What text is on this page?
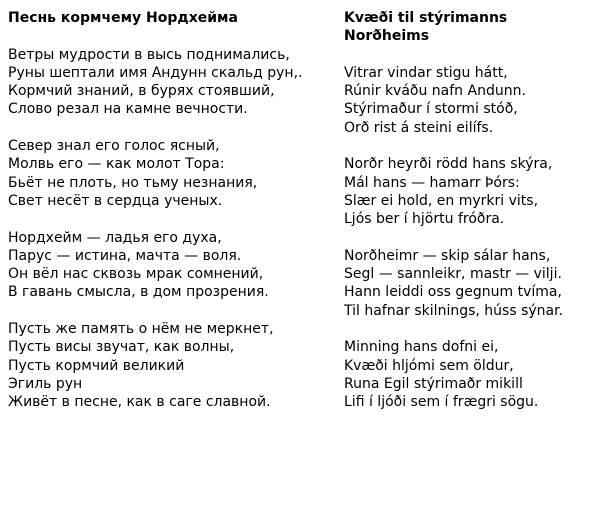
Песнь кормчему Нордхейма
Ветры мудрости в высь поднимались,
Руны шептали имя Андунн скальд рун,.
Кормчий знаний, в бурях стоявший,
Слово резал на камне вечности.
Север знал его голос ясный,
Молвь его — как молот Тора:
Бьёт не плоть, но тьму незнания,
Свет несёт в сердца ученых.
Нордхейм — ладья его духа,
Парус — истина, мачта — воля.
Он вёл нас сквозь мрак сомнений,
В гавань смысла, в дом прозрения.
Пусть же память о нём не меркнет,
Пусть висы звучат, как волны,
Пусть кормчий великий
Эгиль рун
Живёт в песне, как в саге славной.
Kvæði til stýrimanns Norðheims
Vitrar vindar stigu hátt,
Rúnir kváðu nafn Andunn.
Stýrimaður í stormi stóð,
Orð rist á steini eilífs.
Norðr heyrði rödd hans skýra,
Mál hans — hamarr Þórs:
Slær ei hold, en myrkri vits,
Ljós ber í hjörtu fróðra.
Norðheimr — skip sálar hans,
Segl — sannleikr, mastr — vilji.
Hann leiddi oss gegnum tvíma,
Til hafnar skilnings, húss sýnar.
Minning hans dofni ei,
Kvæði hljómi sem öldur,
Runa Egil stýrimaðr mikill
Lifi í ljóði sem í frægri sögu.
